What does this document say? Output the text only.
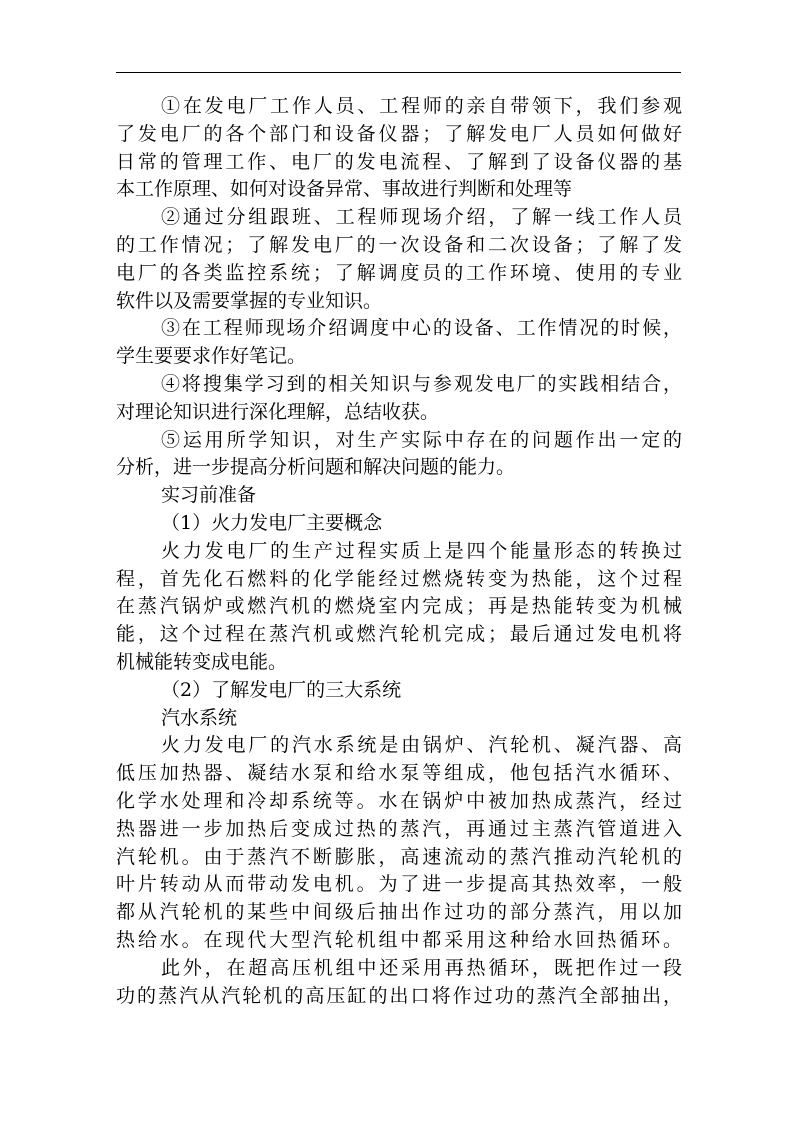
①在发电厂工作人员、工程师的亲自带领下，我们参观
了发电厂的各个部门和设备仪器；了解发电厂人员如何做好
日常的管理工作、电厂的发电流程、了解到了设备仪器的基
本工作原理、如何对设备异常、事故进行判断和处理等
②通过分组跟班、工程师现场介绍，了解一线工作人员
的工作情况；了解发电厂的一次设备和二次设备；了解了发
电厂的各类监控系统；了解调度员的工作环境、使用的专业
软件以及需要掌握的专业知识。
③在工程师现场介绍调度中心的设备、工作情况的时候，
学生要要求作好笔记。
④将搜集学习到的相关知识与参观发电厂的实践相结合，
对理论知识进行深化理解，总结收获。
⑤运用所学知识，对生产实际中存在的问题作出一定的
分析，进一步提高分析问题和解决问题的能力。
实习前准备
（1）火力发电厂主要概念
火力发电厂的生产过程实质上是四个能量形态的转换过
程，首先化石燃料的化学能经过燃烧转变为热能，这个过程
在蒸汽锅炉或燃汽机的燃烧室内完成；再是热能转变为机械
能，这个过程在蒸汽机或燃汽轮机完成；最后通过发电机将
机械能转变成电能。
（2）了解发电厂的三大系统
汽水系统
火力发电厂的汽水系统是由锅炉、汽轮机、凝汽器、高
低压加热器、凝结水泵和给水泵等组成，他包括汽水循环、
化学水处理和冷却系统等。水在锅炉中被加热成蒸汽，经过
热器进一步加热后变成过热的蒸汽，再通过主蒸汽管道进入
汽轮机。由于蒸汽不断膨胀，高速流动的蒸汽推动汽轮机的
叶片转动从而带动发电机。为了进一步提高其热效率，一般
都从汽轮机的某些中间级后抽出作过功的部分蒸汽，用以加
热给水。在现代大型汽轮机组中都采用这种给水回热循环。
此外，在超高压机组中还采用再热循环，既把作过一段
功的蒸汽从汽轮机的高压缸的出口将作过功的蒸汽全部抽出，
